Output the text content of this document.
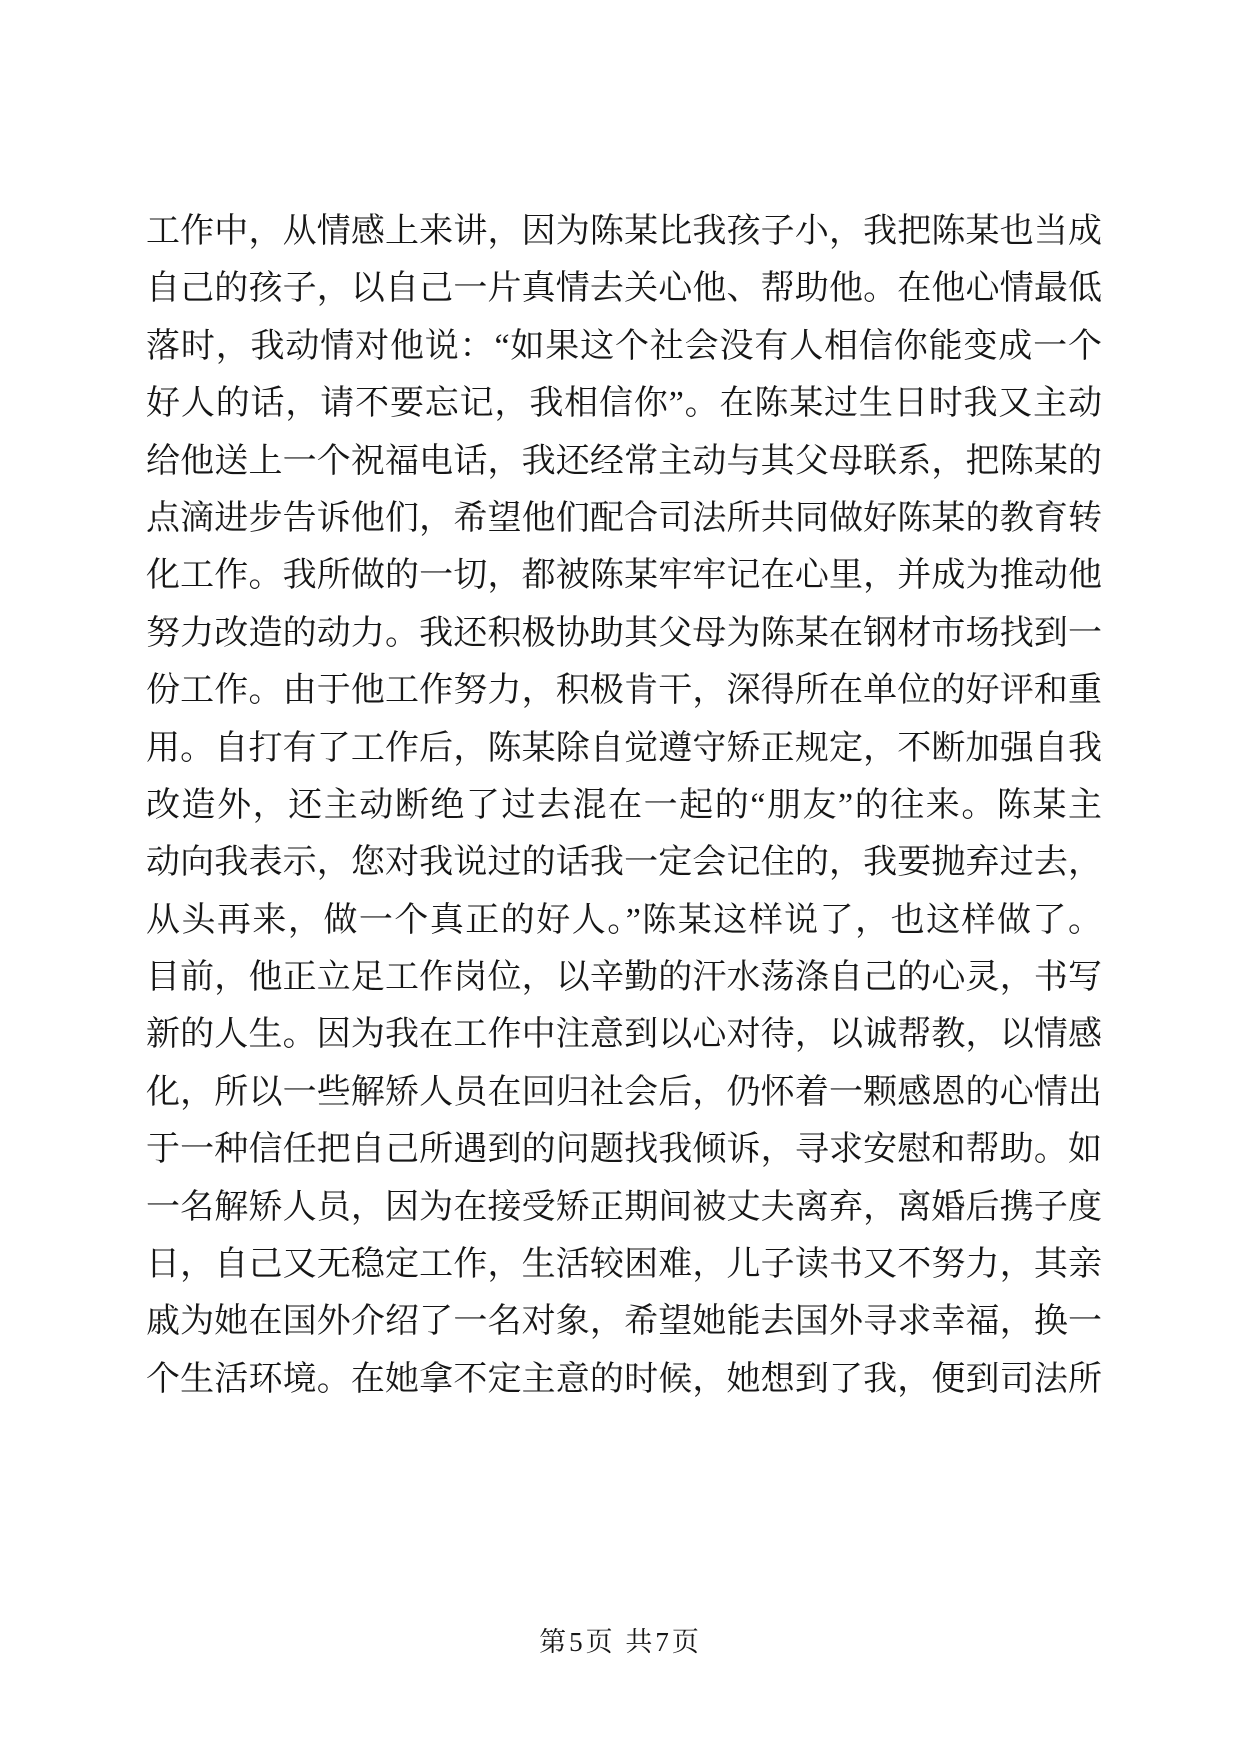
工作中，从情感上来讲，因为陈某比我孩子小，我把陈某也当成
自己的孩子，以自己一片真情去关心他、帮助他。在他心情最低
落时，我动情对他说：“如果这个社会没有人相信你能变成一个
好人的话，请不要忘记，我相信你”。在陈某过生日时我又主动
给他送上一个祝福电话，我还经常主动与其父母联系，把陈某的
点滴进步告诉他们，希望他们配合司法所共同做好陈某的教育转
化工作。我所做的一切，都被陈某牢牢记在心里，并成为推动他
努力改造的动力。我还积极协助其父母为陈某在钢材市场找到一
份工作。由于他工作努力，积极肯干，深得所在单位的好评和重
用。自打有了工作后，陈某除自觉遵守矫正规定，不断加强自我
改造外，还主动断绝了过去混在一起的“朋友”的往来。陈某主
动向我表示，您对我说过的话我一定会记住的，我要抛弃过去，
从头再来，做一个真正的好人。”陈某这样说了，也这样做了。
目前，他正立足工作岗位，以辛勤的汗水荡涤自己的心灵，书写
新的人生。因为我在工作中注意到以心对待，以诚帮教，以情感
化，所以一些解矫人员在回归社会后，仍怀着一颗感恩的心情出
于一种信任把自己所遇到的问题找我倾诉，寻求安慰和帮助。如
一名解矫人员，因为在接受矫正期间被丈夫离弃，离婚后携子度
日，自己又无稳定工作，生活较困难，儿子读书又不努力，其亲
戚为她在国外介绍了一名对象，希望她能去国外寻求幸福，换一
个生活环境。在她拿不定主意的时候，她想到了我，便到司法所
第5页 共7页
